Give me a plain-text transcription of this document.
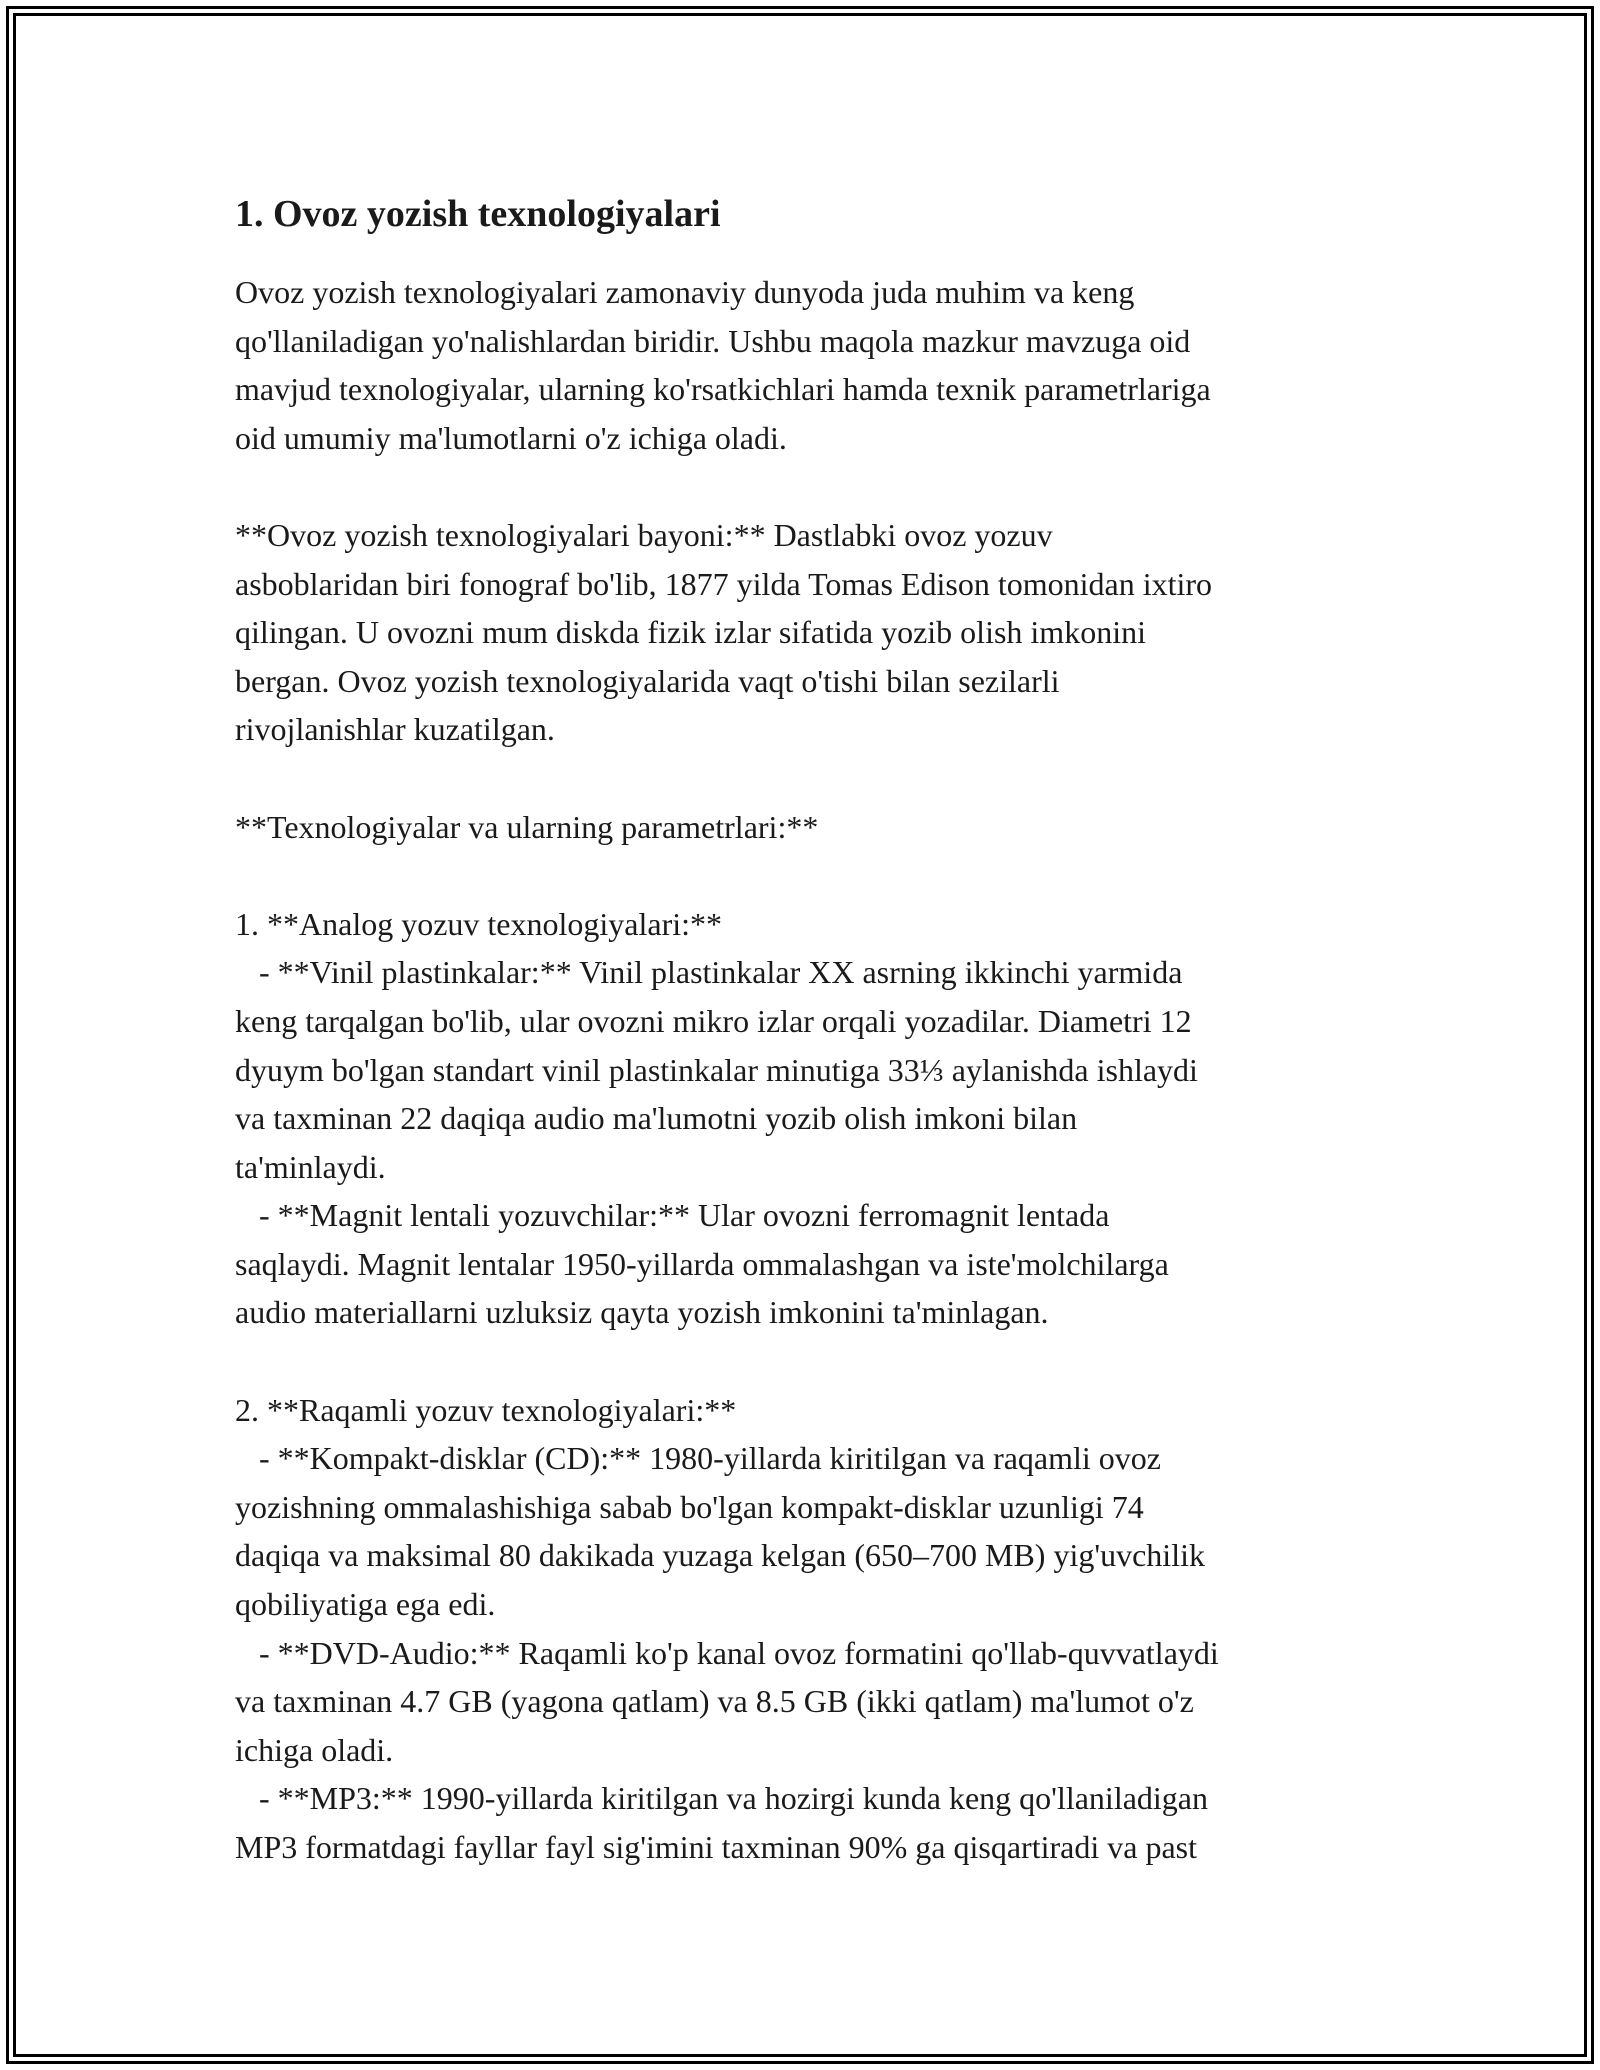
1. Ovoz yozish texnologiyalari

Ovoz yozish texnologiyalari zamonaviy dunyoda juda muhim va keng
qo'llaniladigan yo'nalishlardan biridir. Ushbu maqola mazkur mavzuga oid
mavjud texnologiyalar, ularning ko'rsatkichlari hamda texnik parametrlariga
oid umumiy ma'lumotlarni o'z ichiga oladi.

**Ovoz yozish texnologiyalari bayoni:** Dastlabki ovoz yozuv
asboblaridan biri fonograf bo'lib, 1877 yilda Tomas Edison tomonidan ixtiro
qilingan. U ovozni mum diskda fizik izlar sifatida yozib olish imkonini
bergan. Ovoz yozish texnologiyalarida vaqt o'tishi bilan sezilarli
rivojlanishlar kuzatilgan.

**Texnologiyalar va ularning parametrlari:**

1. **Analog yozuv texnologiyalari:**
- **Vinil plastinkalar:** Vinil plastinkalar XX asrning ikkinchi yarmida
keng tarqalgan bo'lib, ular ovozni mikro izlar orqali yozadilar. Diametri 12
dyuym bo'lgan standart vinil plastinkalar minutiga 33⅓ aylanishda ishlaydi
va taxminan 22 daqiqa audio ma'lumotni yozib olish imkoni bilan
ta'minlaydi.
- **Magnit lentali yozuvchilar:** Ular ovozni ferromagnit lentada
saqlaydi. Magnit lentalar 1950-yillarda ommalashgan va iste'molchilarga
audio materiallarni uzluksiz qayta yozish imkonini ta'minlagan.

2. **Raqamli yozuv texnologiyalari:**
- **Kompakt-disklar (CD):** 1980-yillarda kiritilgan va raqamli ovoz
yozishning ommalashishiga sabab bo'lgan kompakt-disklar uzunligi 74
daqiqa va maksimal 80 dakikada yuzaga kelgan (650–700 MB) yig'uvchilik
qobiliyatiga ega edi.
- **DVD-Audio:** Raqamli ko'p kanal ovoz formatini qo'llab-quvvatlaydi
va taxminan 4.7 GB (yagona qatlam) va 8.5 GB (ikki qatlam) ma'lumot o'z
ichiga oladi.
- **MP3:** 1990-yillarda kiritilgan va hozirgi kunda keng qo'llaniladigan
MP3 formatdagi fayllar fayl sig'imini taxminan 90% ga qisqartiradi va past
